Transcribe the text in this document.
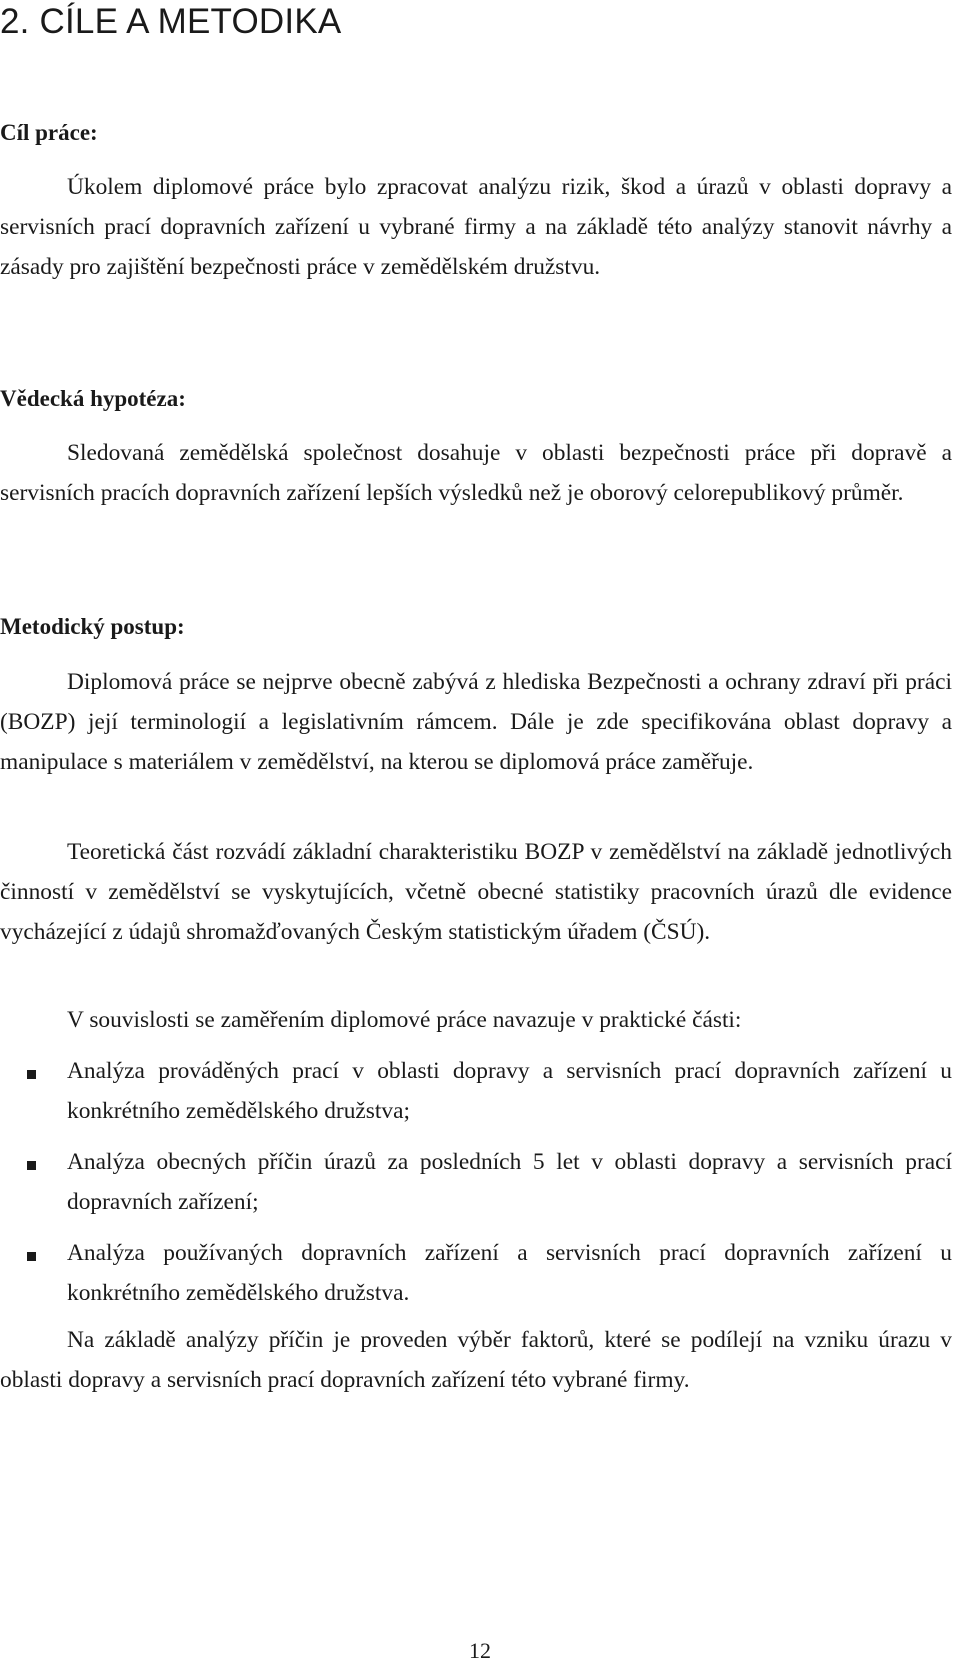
2. CÍLE A METODIKA
Cíl práce:

Úkolem diplomové práce bylo zpracovat analýzu rizik, škod a úrazů v oblasti dopravy a servisních prací dopravních zařízení u vybrané firmy a na základě této analýzy stanovit návrhy a zásady pro zajištění bezpečnosti práce v zemědělském družstvu.

Vědecká hypotéza:

Sledovaná zemědělská společnost dosahuje v oblasti bezpečnosti práce při dopravě a servisních pracích dopravních zařízení lepších výsledků než je oborový celorepublikový průměr.

Metodický postup:

Diplomová práce se nejprve obecně zabývá z hlediska Bezpečnosti a ochrany zdraví při práci (BOZP) její terminologií a legislativním rámcem. Dále je zde specifikována oblast dopravy a manipulace s materiálem v zemědělství, na kterou se diplomová práce zaměřuje.

Teoretická část rozvádí základní charakteristiku BOZP v zemědělství na základě jednotlivých činností v zemědělství se vyskytujících, včetně obecné statistiky pracovních úrazů dle evidence vycházející z údajů shromažďovaných Českým statistickým úřadem (ČSÚ).

V souvislosti se zaměřením diplomové práce navazuje v praktické části:

Analýza prováděných prací v oblasti dopravy a servisních prací dopravních zařízení u konkrétního zemědělského družstva;

Analýza obecných příčin úrazů za posledních 5 let v oblasti dopravy a servisních prací dopravních zařízení;

Analýza používaných dopravních zařízení a servisních prací dopravních zařízení u konkrétního zemědělského družstva.

Na základě analýzy příčin je proveden výběr faktorů, které se podílejí na vzniku úrazu v oblasti dopravy a servisních prací dopravních zařízení této vybrané firmy.

12
